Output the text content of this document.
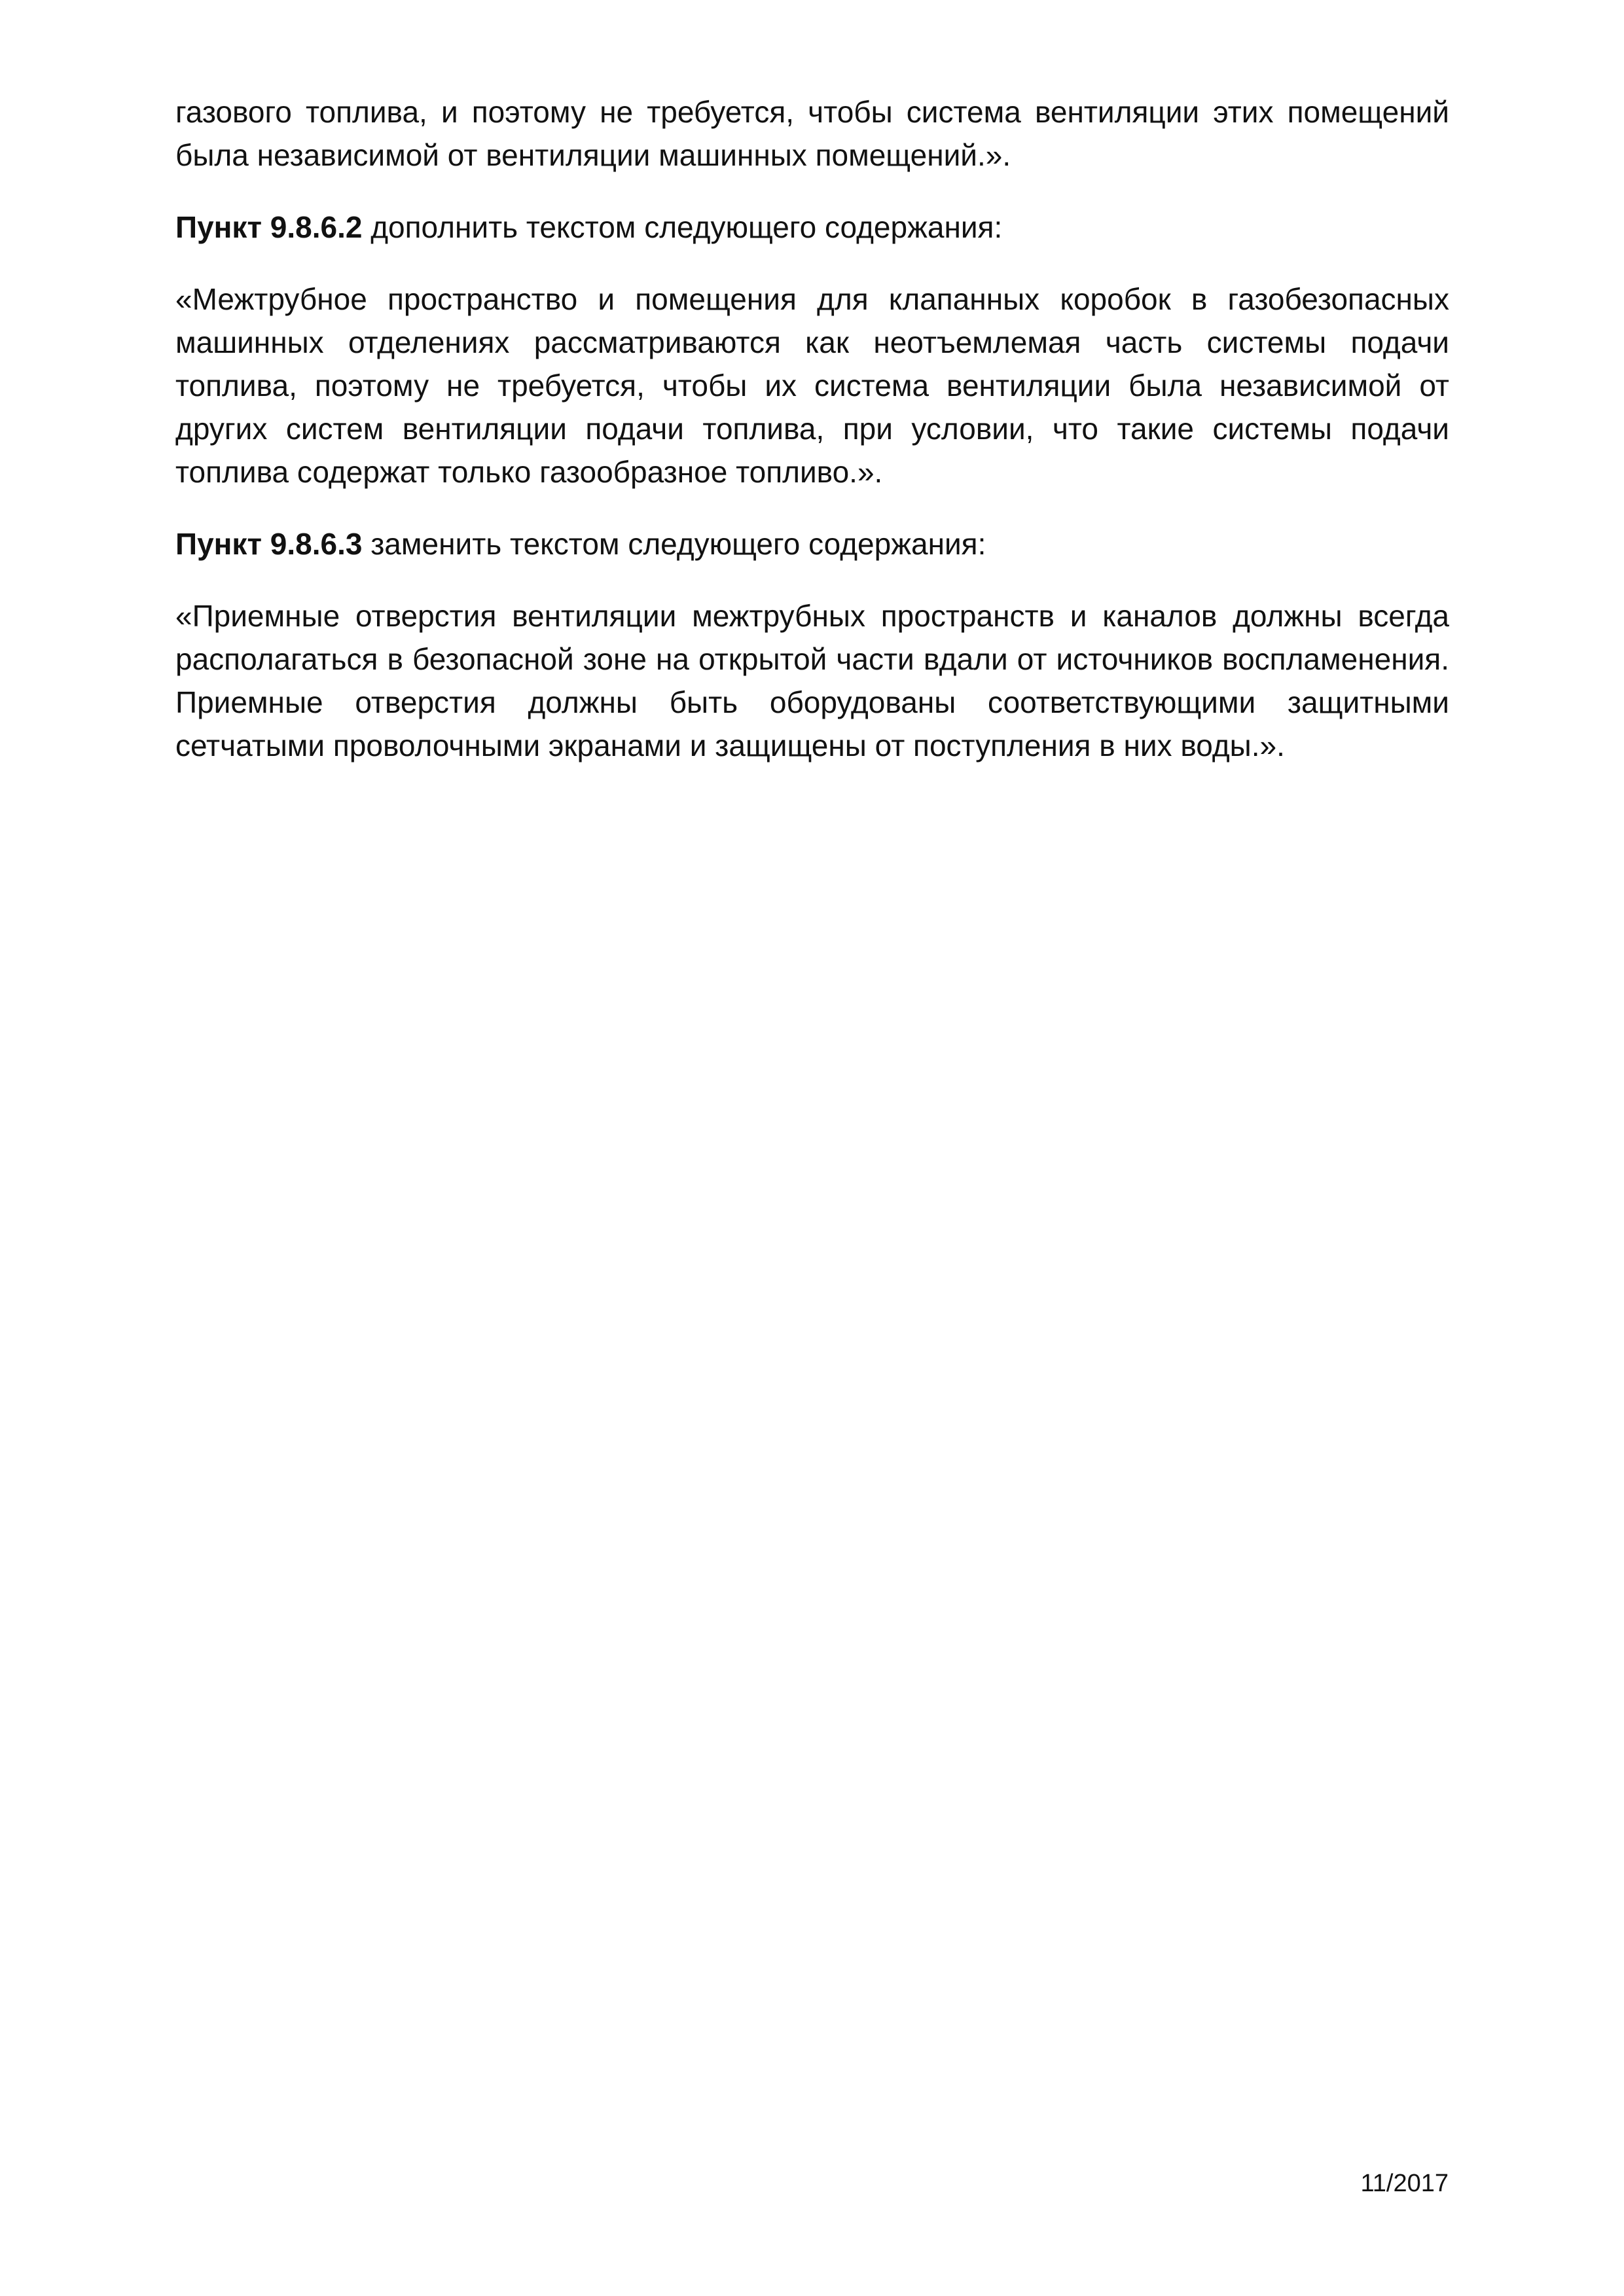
газового топлива, и поэтому не требуется, чтобы система вентиляции этих помещений была независимой от вентиляции машинных помещений.».

Пункт 9.8.6.2 дополнить текстом следующего содержания:

«Межтрубное пространство и помещения для клапанных коробок в газобезопасных машинных отделениях рассматриваются как неотъемлемая часть системы подачи топлива, поэтому не требуется, чтобы их система вентиляции была независимой от других систем вентиляции подачи топлива, при условии, что такие системы подачи топлива содержат только газообразное топливо.».

Пункт 9.8.6.3 заменить текстом следующего содержания:

«Приемные отверстия вентиляции межтрубных пространств и каналов должны всегда располагаться в безопасной зоне на открытой части вдали от источников воспламенения. Приемные отверстия должны быть оборудованы соответствующими защитными сетчатыми проволочными экранами и защищены от поступления в них воды.».

11/2017
